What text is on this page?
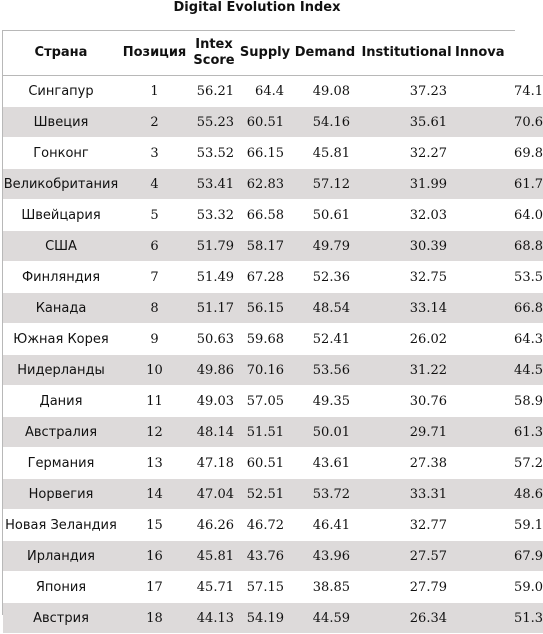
Digital Evolution Index
Страна	Позиция	Intex Score	Supply	Demand	Institutional	Innova
Сингапур	1	56.21	64.4	49.08	37.23	74.1
Швеция	2	55.23	60.51	54.16	35.61	70.6
Гонконг	3	53.52	66.15	45.81	32.27	69.8
Великобритания	4	53.41	62.83	57.12	31.99	61.7
Швейцария	5	53.32	66.58	50.61	32.03	64.0
США	6	51.79	58.17	49.79	30.39	68.8
Финляндия	7	51.49	67.28	52.36	32.75	53.5
Канада	8	51.17	56.15	48.54	33.14	66.8
Южная Корея	9	50.63	59.68	52.41	26.02	64.3
Нидерланды	10	49.86	70.16	53.56	31.22	44.5
Дания	11	49.03	57.05	49.35	30.76	58.9
Австралия	12	48.14	51.51	50.01	29.71	61.3
Германия	13	47.18	60.51	43.61	27.38	57.2
Норвегия	14	47.04	52.51	53.72	33.31	48.6
Новая Зеландия	15	46.26	46.72	46.41	32.77	59.1
Ирландия	16	45.81	43.76	43.96	27.57	67.9
Япония	17	45.71	57.15	38.85	27.79	59.0
Австрия	18	44.13	54.19	44.59	26.34	51.3
